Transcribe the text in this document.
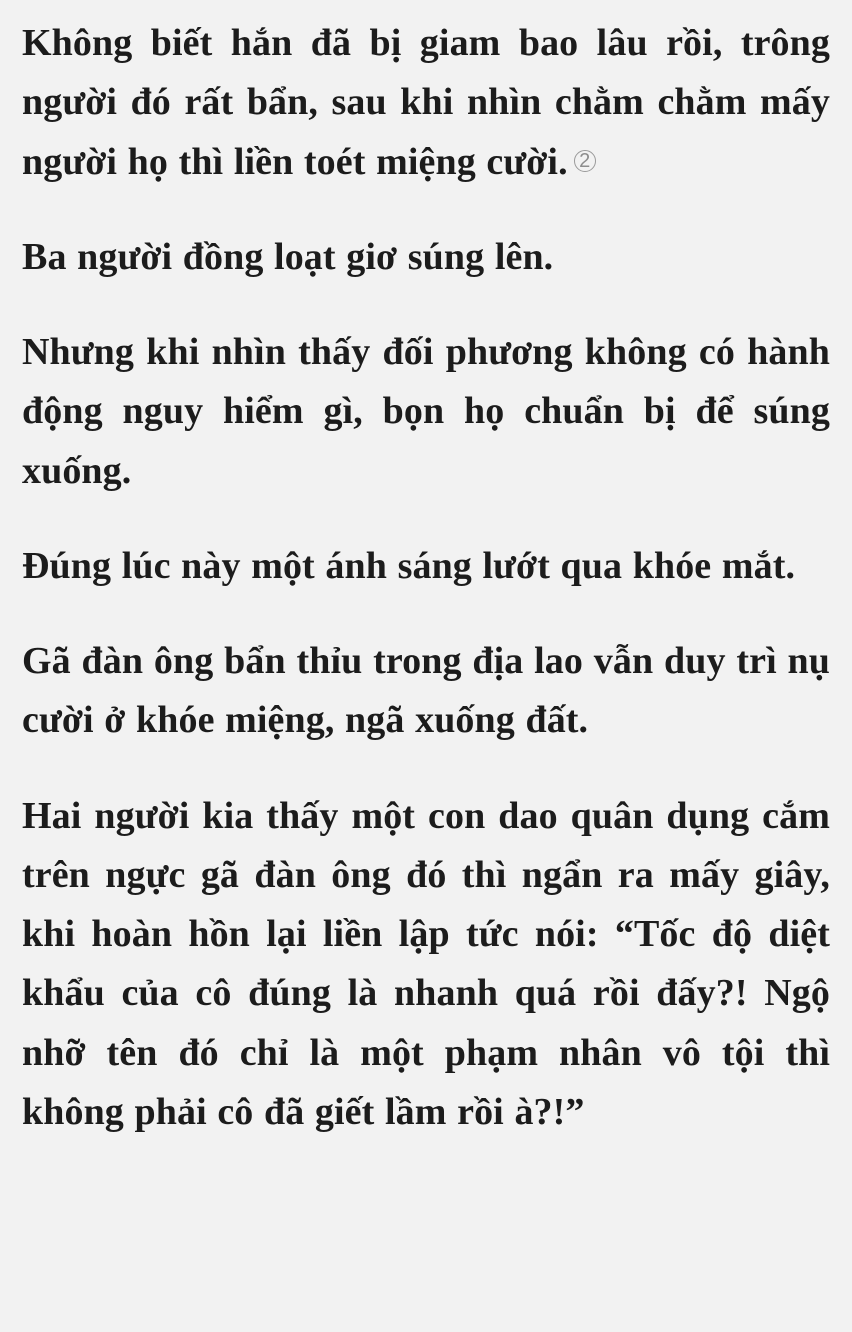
Không biết hắn đã bị giam bao lâu rồi, trông người đó rất bẩn, sau khi nhìn chằm chằm mấy người họ thì liền toét miệng cười. 2

Ba người đồng loạt giơ súng lên.

Nhưng khi nhìn thấy đối phương không có hành động nguy hiểm gì, bọn họ chuẩn bị để súng xuống.

Đúng lúc này một ánh sáng lướt qua khóe mắt.

Gã đàn ông bẩn thỉu trong địa lao vẫn duy trì nụ cười ở khóe miệng, ngã xuống đất.

Hai người kia thấy một con dao quân dụng cắm trên ngực gã đàn ông đó thì ngẩn ra mấy giây, khi hoàn hồn lại liền lập tức nói: “Tốc độ diệt khẩu của cô đúng là nhanh quá rồi đấy?! Ngộ nhỡ tên đó chỉ là một phạm nhân vô tội thì không phải cô đã giết lầm rồi à?!”
